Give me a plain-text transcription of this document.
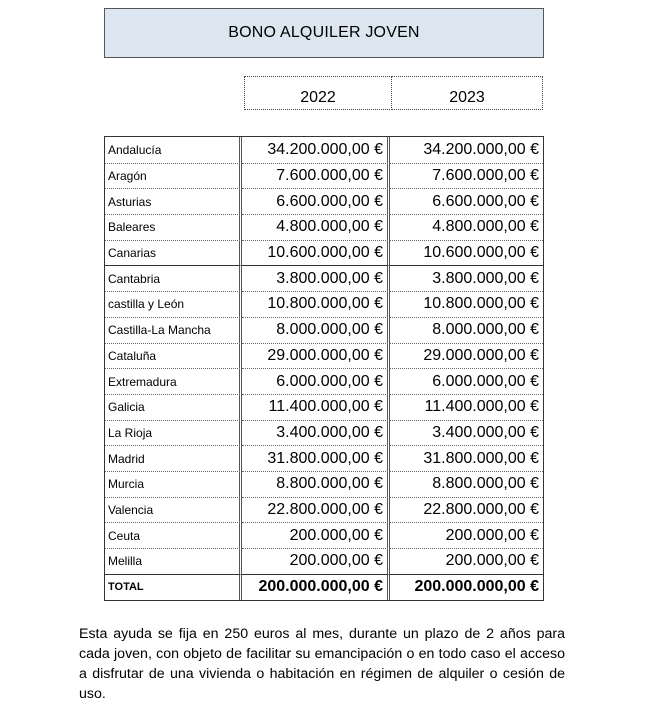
BONO ALQUILER JOVEN
2022	2023
Andalucía	34.200.000,00 €	34.200.000,00 €
Aragón	7.600.000,00 €	7.600.000,00 €
Asturias	6.600.000,00 €	6.600.000,00 €
Baleares	4.800.000,00 €	4.800.000,00 €
Canarias	10.600.000,00 €	10.600.000,00 €
Cantabria	3.800.000,00 €	3.800.000,00 €
castilla y León	10.800.000,00 €	10.800.000,00 €
Castilla-La Mancha	8.000.000,00 €	8.000.000,00 €
Cataluña	29.000.000,00 €	29.000.000,00 €
Extremadura	6.000.000,00 €	6.000.000,00 €
Galicia	11.400.000,00 €	11.400.000,00 €
La Rioja	3.400.000,00 €	3.400.000,00 €
Madrid	31.800.000,00 €	31.800.000,00 €
Murcia	8.800.000,00 €	8.800.000,00 €
Valencia	22.800.000,00 €	22.800.000,00 €
Ceuta	200.000,00 €	200.000,00 €
Melilla	200.000,00 €	200.000,00 €
TOTAL	200.000.000,00 €	200.000.000,00 €
Esta ayuda se fija en 250 euros al mes, durante un plazo de 2 años para cada joven, con objeto de facilitar su emancipación o en todo caso el acceso a disfrutar de una vivienda o habitación en régimen de alquiler o cesión de uso.
